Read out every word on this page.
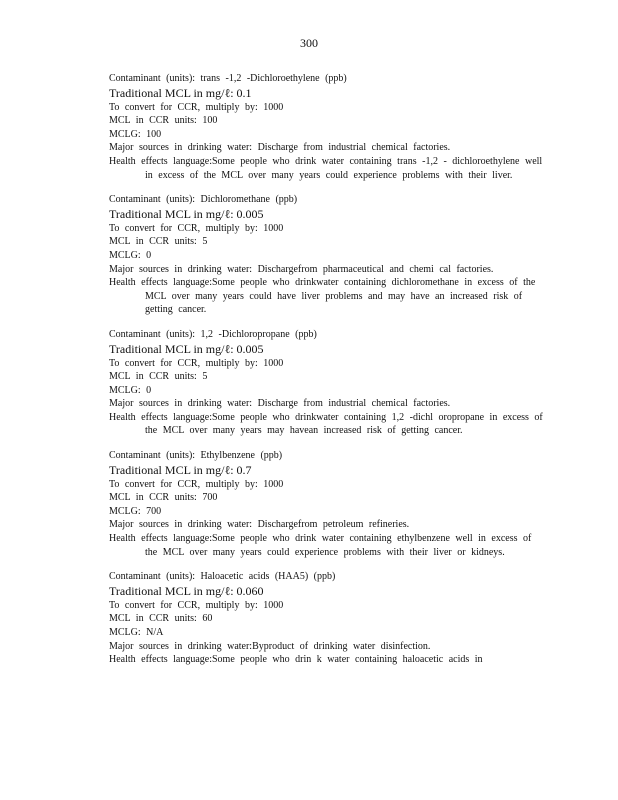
300
Contaminant (units): trans -1,2 -Dichloroethylene (ppb)
Traditional MCL in mg/ℓ: 0.1
To convert for CCR, multiply by: 1000
MCL in CCR units: 100
MCLG: 100
Major sources in drinking water: Discharge from industrial chemical factories.
Health effects language:Some people who drink water containing trans -1,2 - dichloroethylene well in excess of the MCL over many years could experience problems with their liver.
Contaminant (units): Dichloromethane (ppb)
Traditional MCL in mg/ℓ: 0.005
To convert for CCR, multiply by: 1000
MCL in CCR units: 5
MCLG: 0
Major sources in drinking water: Dischargefrom pharmaceutical and chemi cal factories.
Health effects language:Some people who drinkwater containing dichloromethane in excess of the MCL over many years could have liver problems and may have an increased risk of getting cancer.
Contaminant (units): 1,2 -Dichloropropane (ppb)
Traditional MCL in mg/ℓ: 0.005
To convert for CCR, multiply by: 1000
MCL in CCR units: 5
MCLG: 0
Major sources in drinking water: Discharge from industrial chemical factories.
Health effects language:Some people who drinkwater containing 1,2 -dichl oropropane in excess of the MCL over many years may havean increased risk of getting cancer.
Contaminant (units): Ethylbenzene (ppb)
Traditional MCL in mg/ℓ: 0.7
To convert for CCR, multiply by: 1000
MCL in CCR units: 700
MCLG: 700
Major sources in drinking water: Dischargefrom petroleum refineries.
Health effects language:Some people who drink water containing ethylbenzene well in excess of the MCL over many years could experience problems with their liver or kidneys.
Contaminant (units): Haloacetic acids (HAA5) (ppb)
Traditional MCL in mg/ℓ: 0.060
To convert for CCR, multiply by: 1000
MCL in CCR units: 60
MCLG: N/A
Major sources in drinking water:Byproduct of drinking water disinfection.
Health effects language:Some people who drin k water containing haloacetic acids in
